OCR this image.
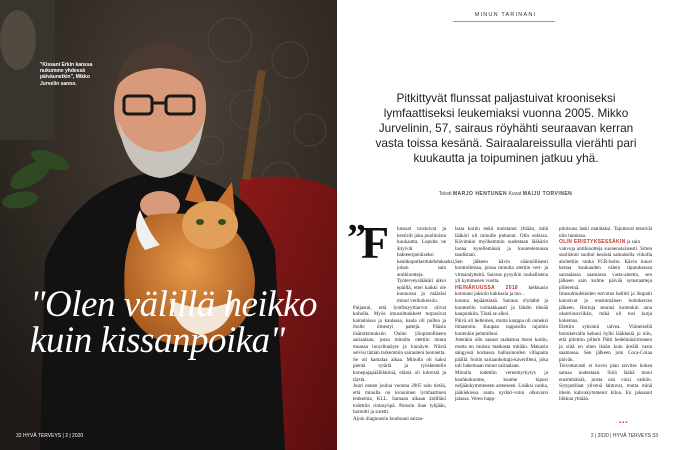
"Kissani Erkin kanssa nukumme yhdessä päiväunetkin", Mikko Jurvelin sanoo.
"Olen välillä heikko kuin kissanpoika"
32 HYVÄ TERVEYS | 2 | 2020
MINUN TARINANI
Pitkittyvät flunssat paljastuivat krooniseksi lymfaattiseksi leukemiaksi vuonna 2005. Mikko Jurvelinin, 57, sairaus röyhähti seuraavan kerran vasta toissa kesänä. Sairaalareissulla vierähti pari kuukautta ja toipuminen jatkuu yhä.
Teksti MARJO HENTUNEN Kuvat MAIJU TORVINEN
”
F	lunssat toistuivat ja kestivät joka puolitoista kuukautta. Lopulta ne äityivät bakteeriperäiseksi keuhkoputkentulehdukseksi, johon sain antibiootteja. Työterveyslääkäri alkoi epäillä, ettei kaikki ole kunnossa ja määräsi minut verikokeisiin.

Paljastui, että lymfosyyttiarvot olivat koholla. Myös imusolmukkeet turposivat kainaloissa ja kaulassa, kaula oli pullea ja iholle ilmestyi patteja. Pääsin lisätutkimuksiin Oulun yliopistolliseen sairaalaan, jossa minulta otettiin muun muassa luuydinnäyte ja luunäyte. Niistä selvisi tämän tarkemmin sairauteni luonnetta.

Se oli kamalaa aikaa. Minulla oli kaksi pientä tytärtä ja työskentelin konepajapäällikkönä, elämä oli kiireistä ja täyttä.

Juuri ennen joulua vuonna 2005 sain tietää, että minulla on krooninen lymfaattinen leukemia, KLL. Samaan aikaan äidilläni todettiin rintasyöpä. Putosin ihan tyhjään, harmitti ja suretti.

Ajoin diagnoosin kuultuani sairaa-

lasta kotiin enkä muistanut yhtään, mitä lääkäri oli minulle puhunut. Olin sokissa. Kävimkin myöhemmin uudestaan lääkärin luona kysellemässä ja kuuntelemassa taudistani.

Sen jälkeen kävin säännöllisesti kontrolleissa, joissa minulta otettiin veri- ja virtsanäytteitä. Sairaus pysyikin rauhallisena yli kymmenen vuotta.

HEINÄKUUSSA 2018 kelkkasin kotonani jaksoin kukkasia ja tuo...

kotona lepäämässä. Sairaus röyhähti ja kuumeilin voimakkaasti ja lähdin tiheää kaupunkiin. Tästä se alkoi.

Päivä oli helteinen, mutta kauppa oli onneksi ilmastoitu. Kaupan rappusilla tajuihin kuitenkin pehmilleni.

Jotenkin olin saanut raahattua itseni kotiin, mutta en muista matkasta mitään. Makasin sängyssä horkassa hallusinoiden villapaita päällä. Soitin sairaanhoitaja-kaverilleni, joka tuli hakemaan minut sairaalaan.

Minulla todettiin verenmyrkytys ja keuhkokuume, kuume kipusi neljäänkymmeneen asteeseen. Lisäksi vanha, jääkiekossa saatu nyrkki-votui olkavarsi jalassa. Veren happ-

pitoisuus laski matalaksi. Tajuttavat etenivät niin tunnissa.

OLIN ERISTYKSESSÄKIN ja sain

vahvoja antibiootteja suonensisäisesti. Sitten suolistoni suoltui kesästä samaisella viikolla aloitettiin ranka FCR-hoito. Kävin kuusi kertaa kuukauden välein tiputuksessa sairaalassa saamassa vasta-ainetta, sen jälkeen sain kolme päivää sytostaatteja pillereinä.

Imusolmukkeiden turvotus hellitti ja ihopatit katosivat jo ensimmäisen hoitokerran jälkeen. Hoitoja seurasi kuitenkin aina okserinusviikko, mikä oli tosi kurja kokemus.

Elettiin syksintä talvea. Viimeisellä hoitokerralla kehoni hylki lääkkeitä jo niin, että pilottiin pillerit Pätti hedelmäsiirtoneen ja siitä en siten ikään kuin äreälä vasta saamassa. Sen jälkeen join Coca-Colaa päivän.

Toivottavasti ei kovin pian tarvitse kokea samaa uudestaan. Siitä lääkä moni ensimmäistä, joista oisi voisi vatkiin. Sytypotilaat ylivenä lahtuvat, mutta minä itkein kahvakymmenit kiloa. En jaksanut liikkua yhtään.

▪▪▪
2 | 2020 | HYVÄ TERVEYS 33
